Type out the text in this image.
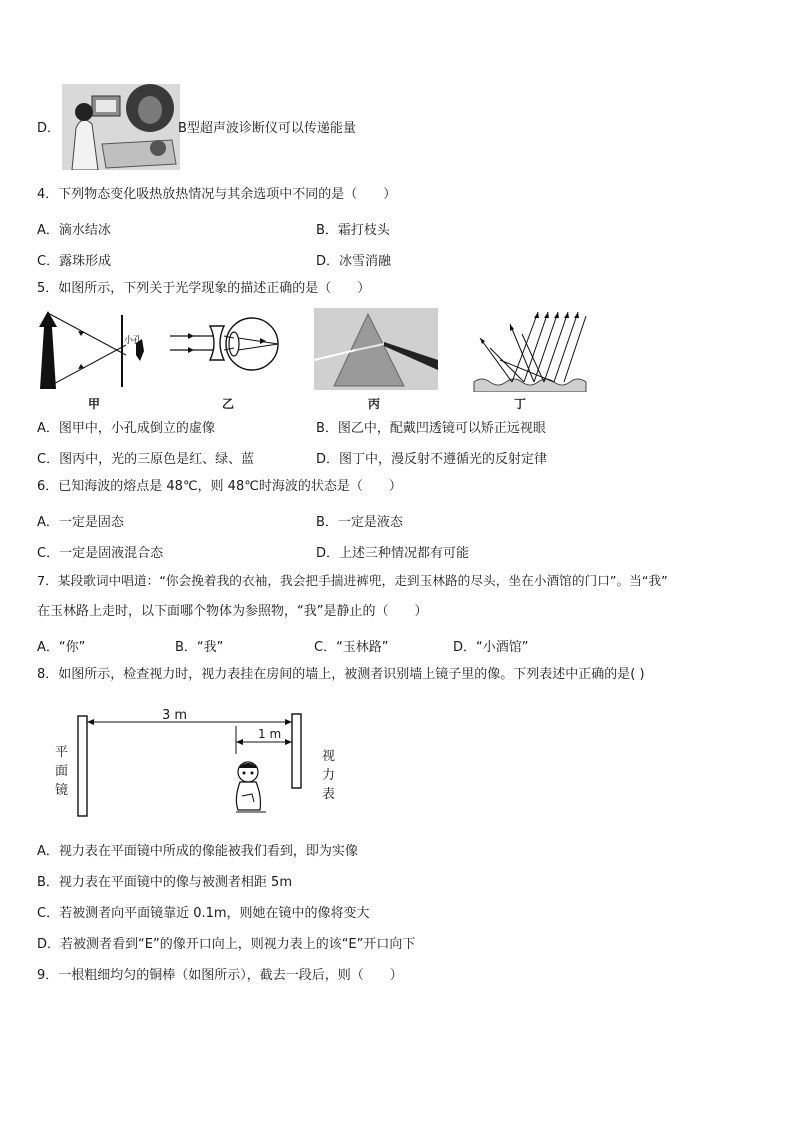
D．	B型超声波诊断仪可以传递能量
4．下列物态变化吸热放热情况与其余选项中不同的是（　　）
A．滴水结冰	B．霜打枝头
C．露珠形成	D．冰雪消融
5．如图所示，下列关于光学现象的描述正确的是（　　）
小孔
甲	乙	丙	丁
A．图甲中，小孔成倒立的虚像	B．图乙中，配戴凹透镜可以矫正远视眼
C．图丙中，光的三原色是红、绿、蓝	D．图丁中，漫反射不遵循光的反射定律
6．已知海波的熔点是 48℃，则 48℃时海波的状态是（　　）
A．一定是固态	B．一定是液态
C．一定是固液混合态	D．上述三种情况都有可能
7．某段歌词中唱道：“你会挽着我的衣袖，我会把手揣进裤兜，走到玉林路的尽头，坐在小酒馆的门口”。当“我”
在玉林路上走时，以下面哪个物体为参照物，“我”是静止的（　　）
A．“你”	B．“我”	C．“玉林路”	D．“小酒馆”
8．如图所示，检查视力时，视力表挂在房间的墙上，被测者识别墙上镜子里的像。下列表述中正确的是( )
3 m
1 m
平
面
镜
视
力
表
A．视力表在平面镜中所成的像能被我们看到，即为实像
B．视力表在平面镜中的像与被测者相距 5m
C．若被测者向平面镜靠近 0.1m，则她在镜中的像将变大
D．若被测者看到“E”的像开口向上，则视力表上的该“E”开口向下
9．一根粗细均匀的铜棒（如图所示），截去一段后，则（　　）
